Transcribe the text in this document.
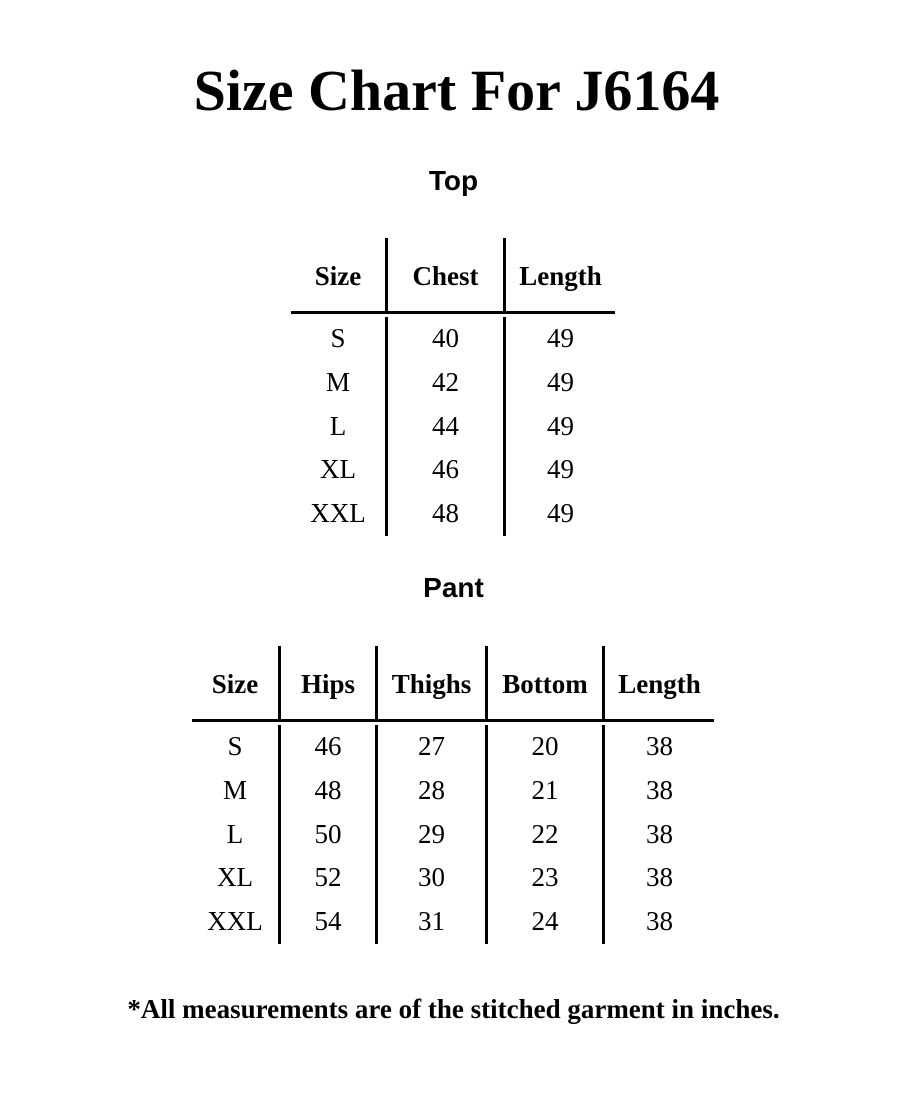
Size Chart For J6164
Top
Size	Chest	Length
S	40	49
M	42	49
L	44	49
XL	46	49
XXL	48	49
Pant
Size	Hips	Thighs	Bottom	Length
S	46	27	20	38
M	48	28	21	38
L	50	29	22	38
XL	52	30	23	38
XXL	54	31	24	38
*All measurements are of the stitched garment in inches.
